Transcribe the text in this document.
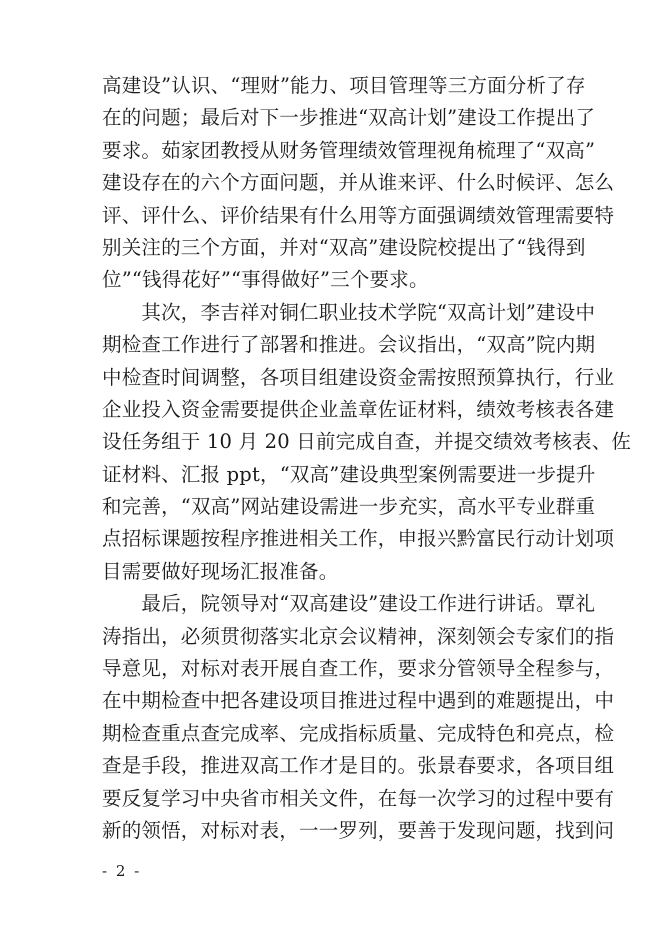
高建设”认识、“理财”能力、项目管理等三方面分析了存
在的问题；最后对下一步推进“双高计划”建设工作提出了
要求。茹家团教授从财务管理绩效管理视角梳理了“双高”
建设存在的六个方面问题，并从谁来评、什么时候评、怎么
评、评什么、评价结果有什么用等方面强调绩效管理需要特
别关注的三个方面，并对“双高”建设院校提出了“钱得到
位”“钱得花好”“事得做好”三个要求。
　　其次，李吉祥对铜仁职业技术学院“双高计划”建设中
期检查工作进行了部署和推进。会议指出，“双高”院内期
中检查时间调整，各项目组建设资金需按照预算执行，行业
企业投入资金需要提供企业盖章佐证材料，绩效考核表各建
设任务组于 10 月 20 日前完成自查，并提交绩效考核表、佐
证材料、汇报 ppt，“双高”建设典型案例需要进一步提升
和完善，“双高”网站建设需进一步充实，高水平专业群重
点招标课题按程序推进相关工作，申报兴黔富民行动计划项
目需要做好现场汇报准备。
　　最后，院领导对“双高建设”建设工作进行讲话。覃礼
涛指出，必须贯彻落实北京会议精神，深刻领会专家们的指
导意见，对标对表开展自查工作，要求分管领导全程参与，
在中期检查中把各建设项目推进过程中遇到的难题提出，中
期检查重点查完成率、完成指标质量、完成特色和亮点，检
查是手段，推进双高工作才是目的。张景春要求，各项目组
要反复学习中央省市相关文件，在每一次学习的过程中要有
新的领悟，对标对表，一一罗列，要善于发现问题，找到问
- 2 -
